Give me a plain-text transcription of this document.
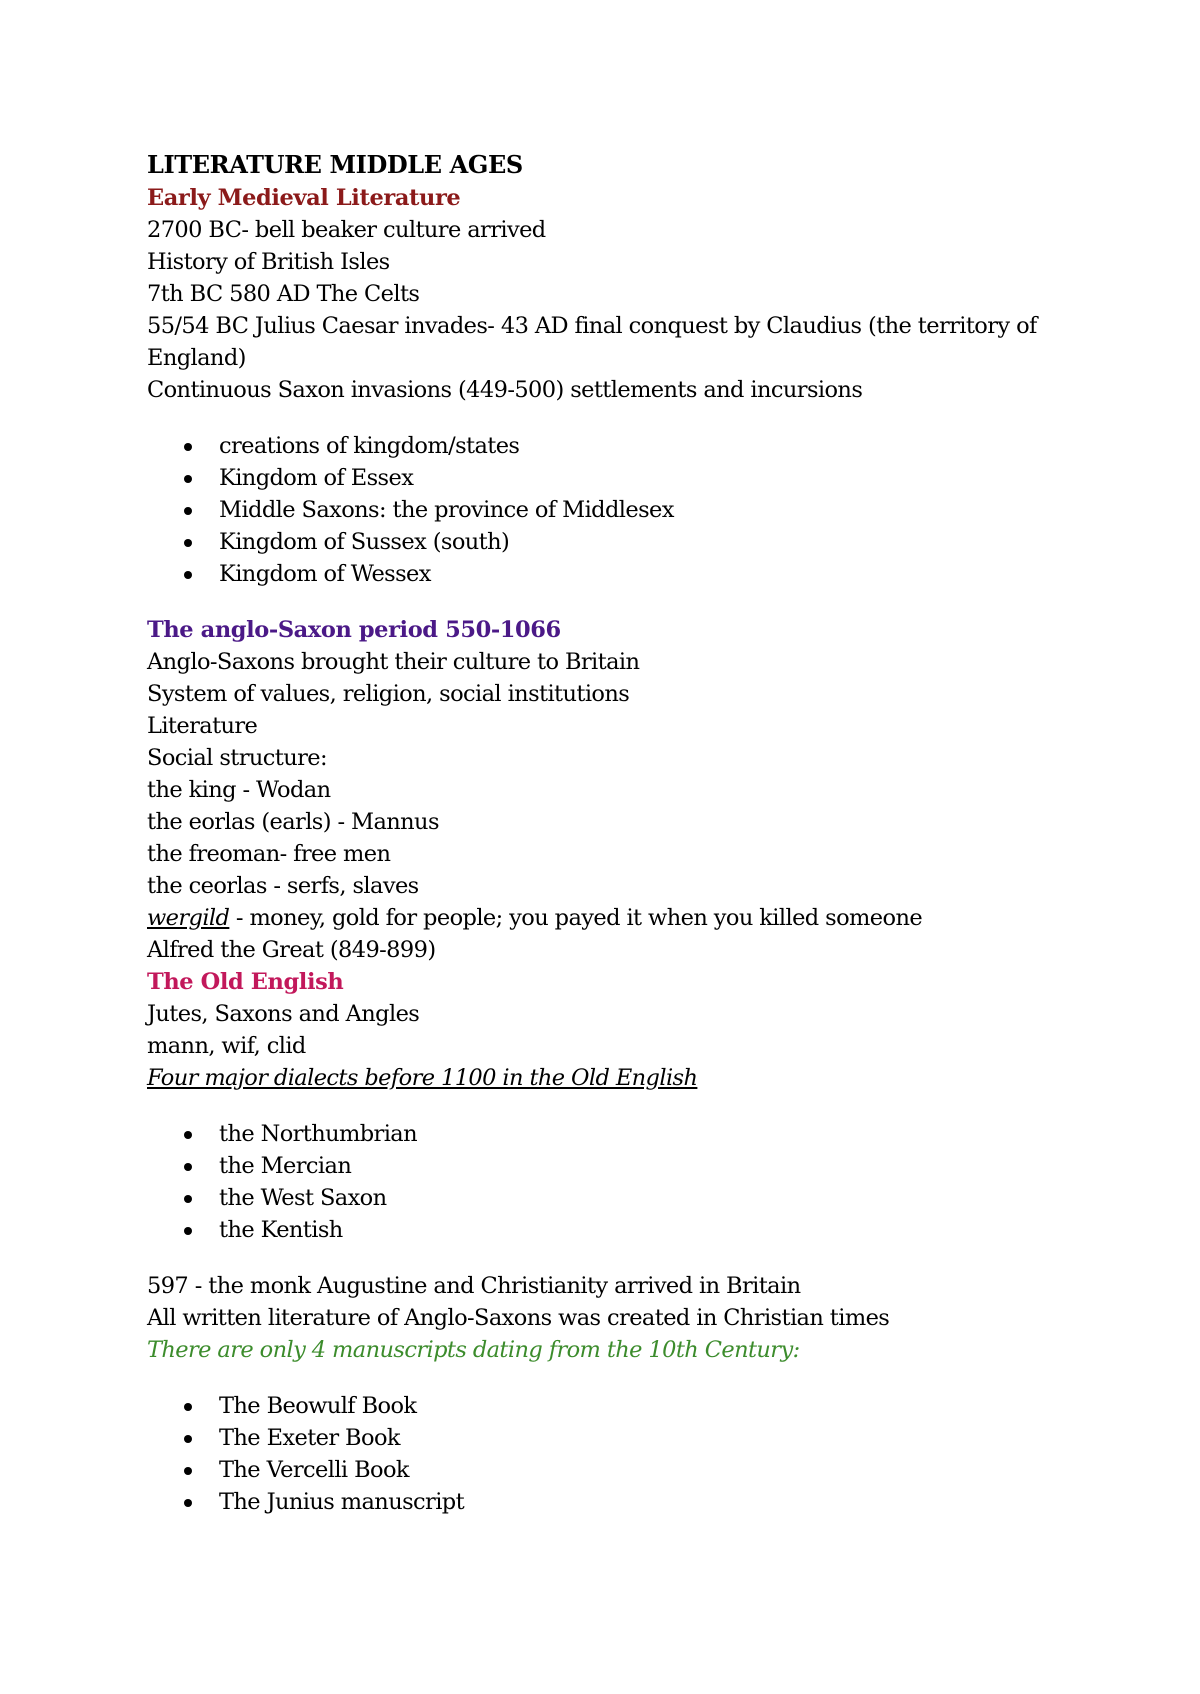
LITERATURE MIDDLE AGES
Early Medieval Literature
2700 BC- bell beaker culture arrived
History of British Isles
7th BC 580 AD The Celts
55/54 BC Julius Caesar invades- 43 AD final conquest by Claudius (the territory of England)
Continuous Saxon invasions (449-500) settlements and incursions
creations of kingdom/states
Kingdom of Essex
Middle Saxons: the province of Middlesex
Kingdom of Sussex (south)
Kingdom of Wessex
The anglo-Saxon period 550-1066
Anglo-Saxons brought their culture to Britain
System of values, religion, social institutions
Literature
Social structure:
the king - Wodan
the eorlas (earls) - Mannus
the freoman- free men
the ceorlas - serfs, slaves
wergild - money, gold for people; you payed it when you killed someone
Alfred the Great (849-899)
The Old English
Jutes, Saxons and Angles
mann, wif, clid
Four major dialects before 1100 in the Old English
the Northumbrian
the Mercian
the West Saxon
the Kentish
597 - the monk Augustine and Christianity arrived in Britain
All written literature of Anglo-Saxons was created in Christian times
There are only 4 manuscripts dating from the 10th Century:
The Beowulf Book
The Exeter Book
The Vercelli Book
The Junius manuscript
